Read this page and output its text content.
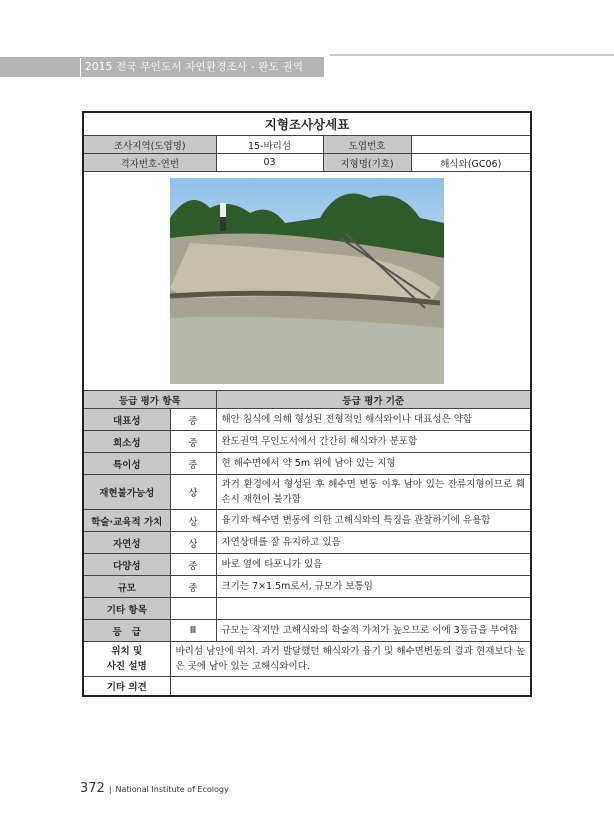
2015 전국 무인도서 자연환경조사 - 완도 권역
지형조사상세표				
조사지역(도엽명)		15-바리섬	도엽번호	
격자번호-연번		03	지형명(기호)	해식와(GC06)

등급 평가 항목		등급 평가 기준		
대표성	중	해안 침식에 의해 형성된 전형적인 해식와이나 대표성은 약함		
희소성	중	완도권역 무인도서에서 간간히 해식와가 분포함		
특이성	중	현 해수면에서 약 5m 위에 남아 있는 지형		
재현불가능성	상	과거 환경에서 형성된 후 해수면 변동 이후 남아 있는 잔류지형이므로 훼손시 재현이 불가함		
학술·교육적 가치	상	융기와 해수면 변동에 의한 고해식와의 특징을 관찰하기에 유용함		
자연성	상	자연상태를 잘 유지하고 있음		
다양성	중	바로 옆에 타포니가 있음		
규모	중	크기는 7×1.5m로서, 규모가 보통임		
기타 항목				
등   급	Ⅲ	규모는 작지만 고해식와의 학술적 가치가 높으므로 이에 3등급을 부여함		
위치 및
사진 설명	바리섬 남안에 위치. 과거 발달했던 해식와가 융기 및 해수면변동의 결과 현재보다 높은 곳에 남아 있는 고해식와이다.			
기타 의견				
372 | National Institute of Ecology
